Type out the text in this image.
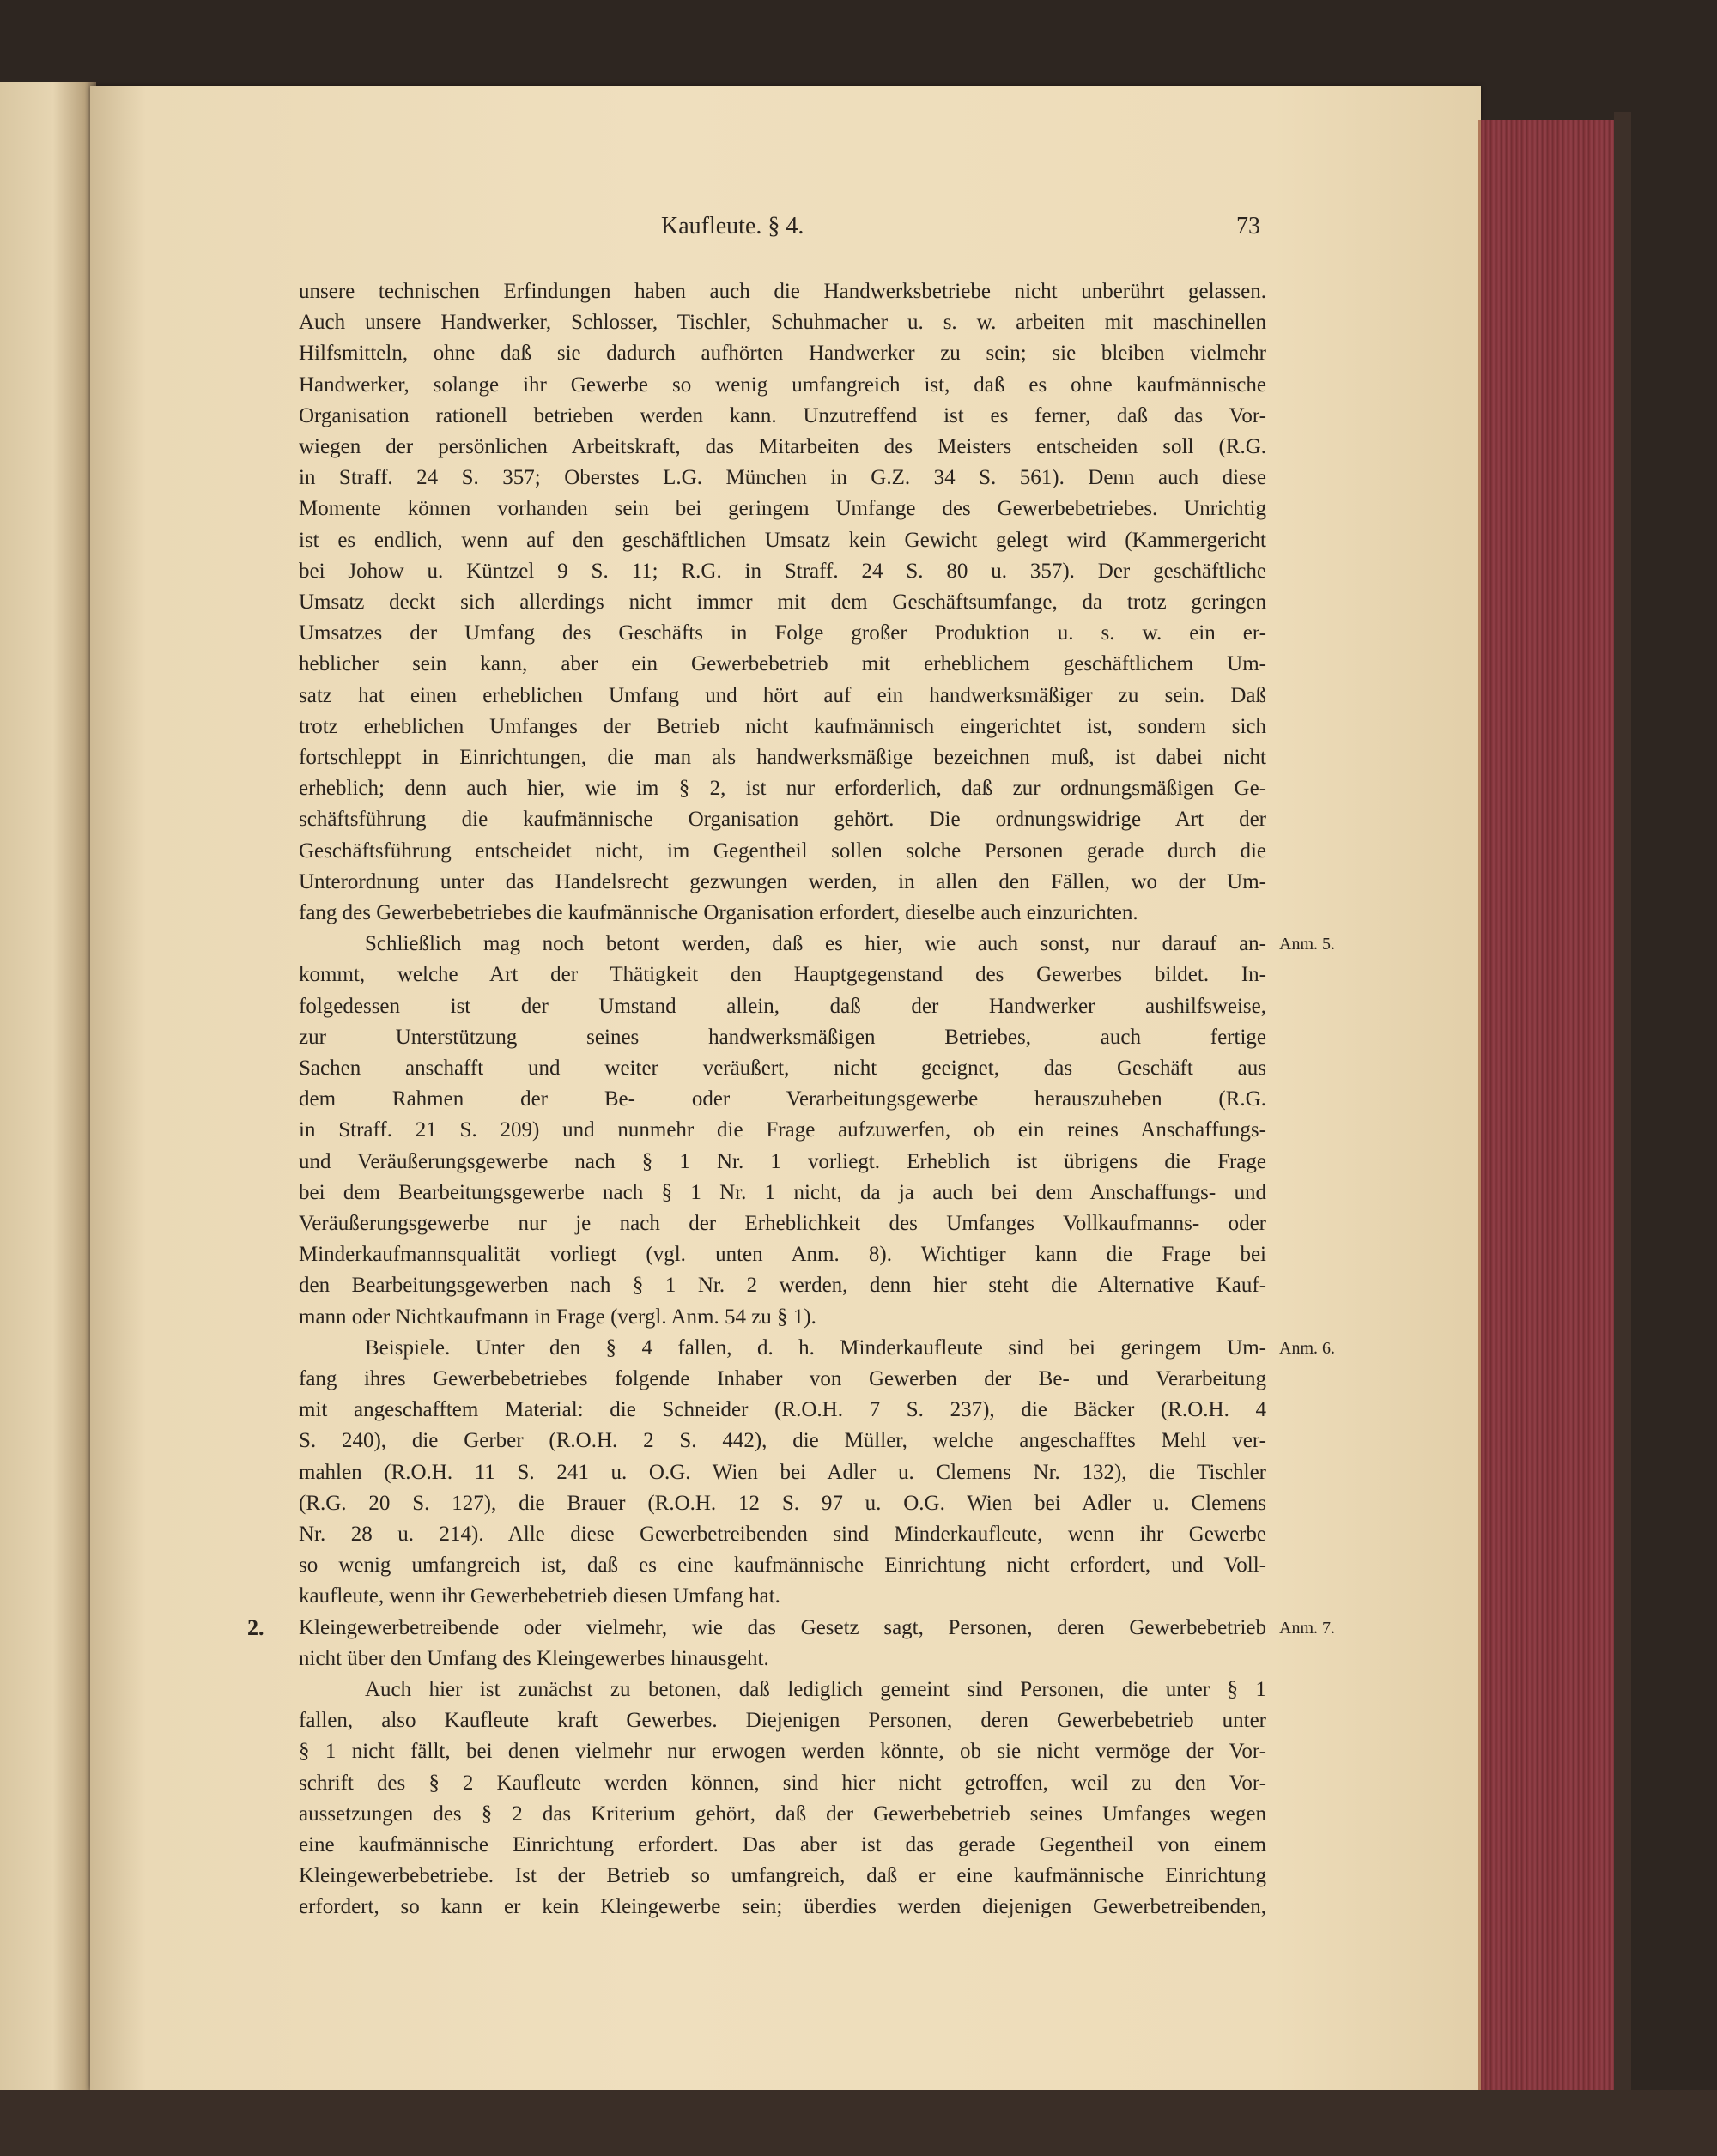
Kaufleute. § 4.	73
unsere technischen Erfindungen haben auch die Handwerksbetriebe nicht unberührt gelassen.
Auch unsere Handwerker, Schlosser, Tischler, Schuhmacher u. s. w. arbeiten mit maschinellen
Hilfsmitteln, ohne daß sie dadurch aufhörten Handwerker zu sein; sie bleiben vielmehr
Handwerker, solange ihr Gewerbe so wenig umfangreich ist, daß es ohne kaufmännische
Organisation rationell betrieben werden kann. Unzutreffend ist es ferner, daß das Vor-
wiegen der persönlichen Arbeitskraft, das Mitarbeiten des Meisters entscheiden soll (R.G.
in Straff. 24 S. 357; Oberstes L.G. München in G.Z. 34 S. 561). Denn auch diese
Momente können vorhanden sein bei geringem Umfange des Gewerbebetriebes. Unrichtig
ist es endlich, wenn auf den geschäftlichen Umsatz kein Gewicht gelegt wird (Kammergericht
bei Johow u. Küntzel 9 S. 11; R.G. in Straff. 24 S. 80 u. 357). Der geschäftliche
Umsatz deckt sich allerdings nicht immer mit dem Geschäftsumfange, da trotz geringen
Umsatzes der Umfang des Geschäfts in Folge großer Produktion u. s. w. ein er-
heblicher sein kann, aber ein Gewerbebetrieb mit erheblichem geschäftlichem Um-
satz hat einen erheblichen Umfang und hört auf ein handwerksmäßiger zu sein. Daß
trotz erheblichen Umfanges der Betrieb nicht kaufmännisch eingerichtet ist, sondern sich
fortschleppt in Einrichtungen, die man als handwerksmäßige bezeichnen muß, ist dabei nicht
erheblich; denn auch hier, wie im § 2, ist nur erforderlich, daß zur ordnungsmäßigen Ge-
schäftsführung die kaufmännische Organisation gehört. Die ordnungswidrige Art der
Geschäftsführung entscheidet nicht, im Gegentheil sollen solche Personen gerade durch die
Unterordnung unter das Handelsrecht gezwungen werden, in allen den Fällen, wo der Um-
fang des Gewerbebetriebes die kaufmännische Organisation erfordert, dieselbe auch einzurichten.
Schließlich mag noch betont werden, daß es hier, wie auch sonst, nur darauf an- Anm. 5.
kommt, welche Art der Thätigkeit den Hauptgegenstand des Gewerbes bildet. In-
folgedessen ist der Umstand allein, daß der Handwerker aushilfsweise,
zur Unterstützung seines handwerksmäßigen Betriebes, auch fertige
Sachen anschafft und weiter veräußert, nicht geeignet, das Geschäft aus
dem Rahmen der Be- oder Verarbeitungsgewerbe herauszuheben (R.G.
in Straff. 21 S. 209) und nunmehr die Frage aufzuwerfen, ob ein reines Anschaffungs-
und Veräußerungsgewerbe nach § 1 Nr. 1 vorliegt. Erheblich ist übrigens die Frage
bei dem Bearbeitungsgewerbe nach § 1 Nr. 1 nicht, da ja auch bei dem Anschaffungs- und
Veräußerungsgewerbe nur je nach der Erheblichkeit des Umfanges Vollkaufmanns- oder
Minderkaufmannsqualität vorliegt (vgl. unten Anm. 8). Wichtiger kann die Frage bei
den Bearbeitungsgewerben nach § 1 Nr. 2 werden, denn hier steht die Alternative Kauf-
mann oder Nichtkaufmann in Frage (vergl. Anm. 54 zu § 1).
Beispiele. Unter den § 4 fallen, d. h. Minderkaufleute sind bei geringem Um- Anm. 6.
fang ihres Gewerbebetriebes folgende Inhaber von Gewerben der Be- und Verarbeitung
mit angeschafftem Material: die Schneider (R.O.H. 7 S. 237), die Bäcker (R.O.H. 4
S. 240), die Gerber (R.O.H. 2 S. 442), die Müller, welche angeschafftes Mehl ver-
mahlen (R.O.H. 11 S. 241 u. O.G. Wien bei Adler u. Clemens Nr. 132), die Tischler
(R.G. 20 S. 127), die Brauer (R.O.H. 12 S. 97 u. O.G. Wien bei Adler u. Clemens
Nr. 28 u. 214). Alle diese Gewerbetreibenden sind Minderkaufleute, wenn ihr Gewerbe
so wenig umfangreich ist, daß es eine kaufmännische Einrichtung nicht erfordert, und Voll-
kaufleute, wenn ihr Gewerbebetrieb diesen Umfang hat.
Kleingewerbetreibende oder vielmehr, wie das Gesetz sagt, Personen, deren Gewerbebetrieb
2.	Anm. 7.
nicht über den Umfang des Kleingewerbes hinausgeht.
Auch hier ist zunächst zu betonen, daß lediglich gemeint sind Personen, die unter § 1
fallen, also Kaufleute kraft Gewerbes. Diejenigen Personen, deren Gewerbebetrieb unter
§ 1 nicht fällt, bei denen vielmehr nur erwogen werden könnte, ob sie nicht vermöge der Vor-
schrift des § 2 Kaufleute werden können, sind hier nicht getroffen, weil zu den Vor-
aussetzungen des § 2 das Kriterium gehört, daß der Gewerbebetrieb seines Umfanges wegen
eine kaufmännische Einrichtung erfordert. Das aber ist das gerade Gegentheil von einem
Kleingewerbebetriebe. Ist der Betrieb so umfangreich, daß er eine kaufmännische Einrichtung
erfordert, so kann er kein Kleingewerbe sein; überdies werden diejenigen Gewerbetreibenden,
